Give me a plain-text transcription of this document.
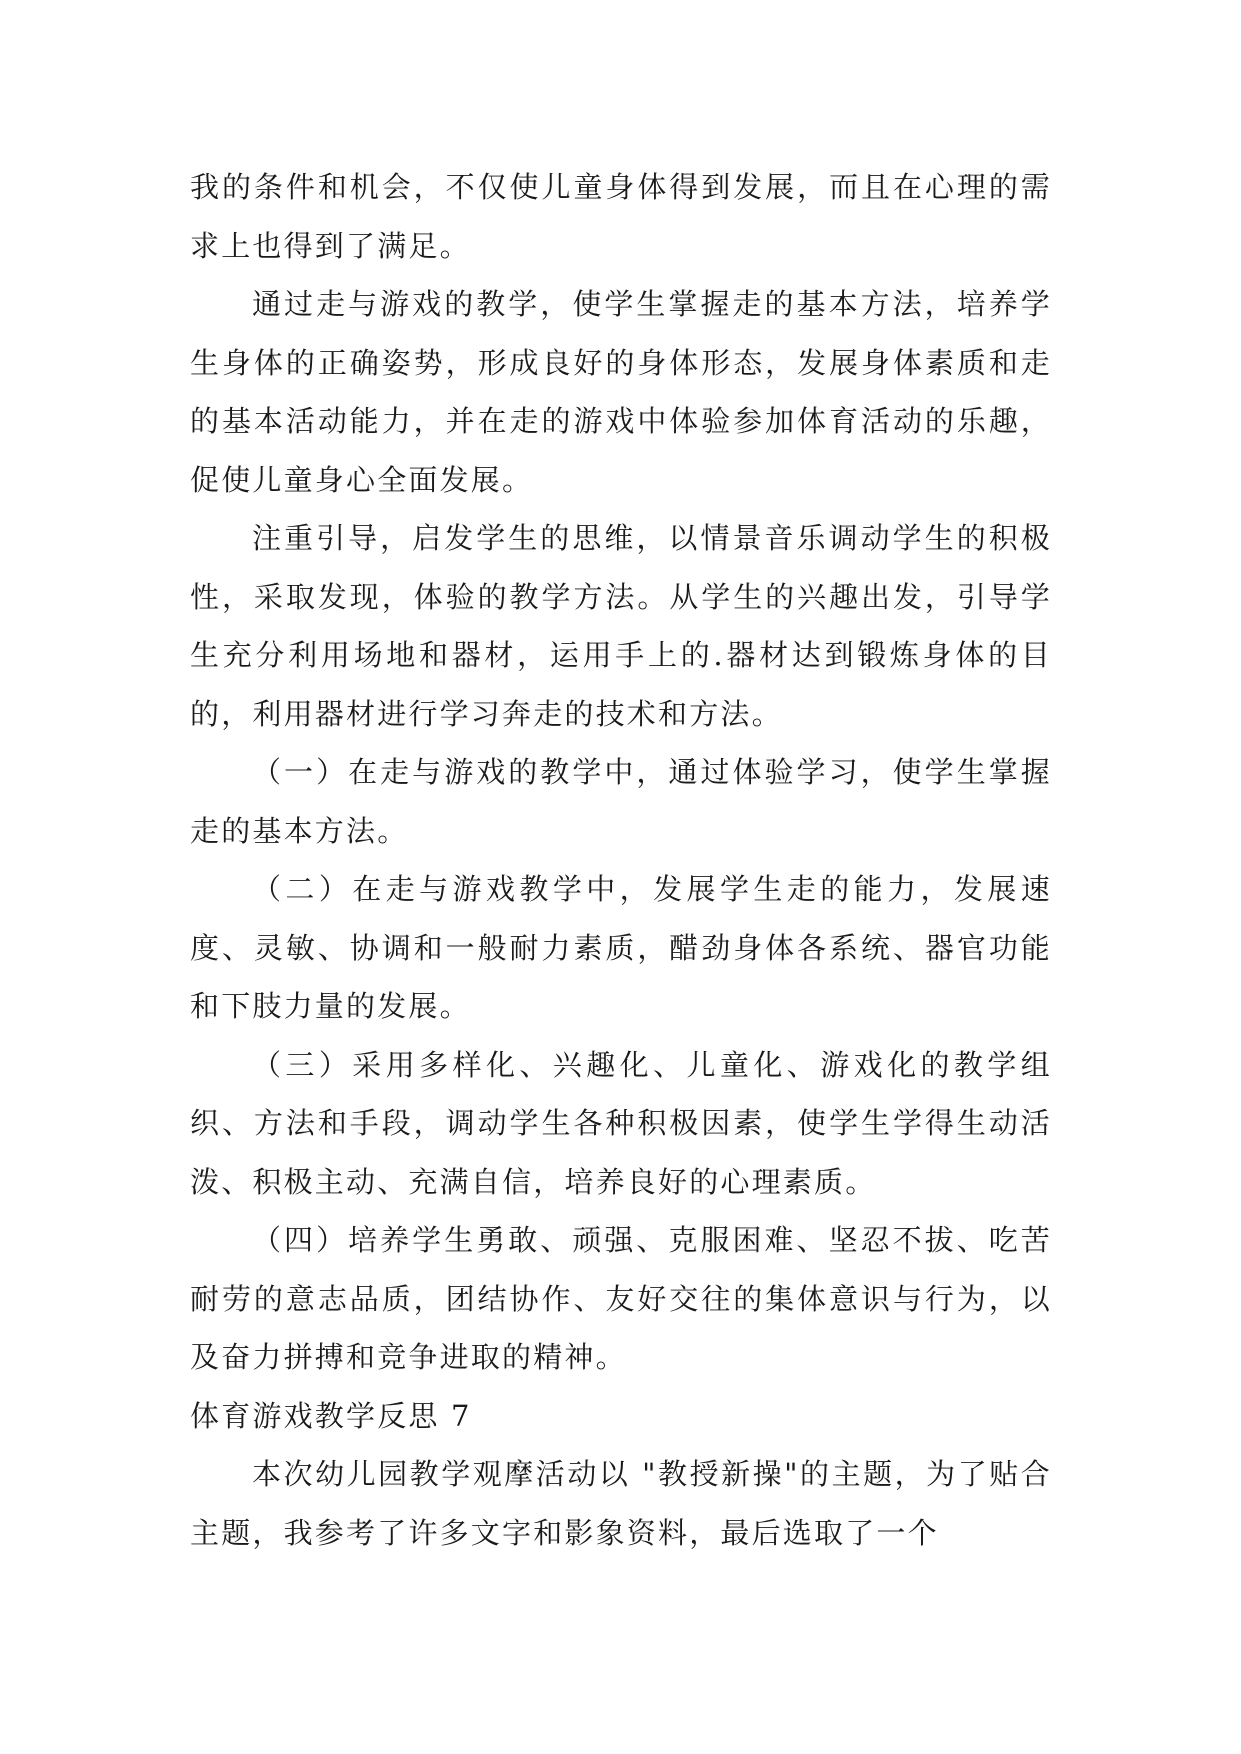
我的条件和机会，不仅使儿童身体得到发展，而且在心理的需求上也得到了满足。

通过走与游戏的教学，使学生掌握走的基本方法，培养学生身体的正确姿势，形成良好的身体形态，发展身体素质和走的基本活动能力，并在走的游戏中体验参加体育活动的乐趣，促使儿童身心全面发展。

注重引导，启发学生的思维，以情景音乐调动学生的积极性，采取发现，体验的教学方法。从学生的兴趣出发，引导学生充分利用场地和器材，运用手上的.器材达到锻炼身体的目的，利用器材进行学习奔走的技术和方法。

（一）在走与游戏的教学中，通过体验学习，使学生掌握走的基本方法。

（二）在走与游戏教学中，发展学生走的能力，发展速度、灵敏、协调和一般耐力素质，醋劲身体各系统、器官功能和下肢力量的发展。

（三）采用多样化、兴趣化、儿童化、游戏化的教学组织、方法和手段，调动学生各种积极因素，使学生学得生动活泼、积极主动、充满自信，培养良好的心理素质。

（四）培养学生勇敢、顽强、克服困难、坚忍不拔、吃苦耐劳的意志品质，团结协作、友好交往的集体意识与行为，以及奋力拼搏和竞争进取的精神。

体育游戏教学反思 7

本次幼儿园教学观摩活动以 "教授新操"的主题，为了贴合主题，我参考了许多文字和影象资料，最后选取了一个
